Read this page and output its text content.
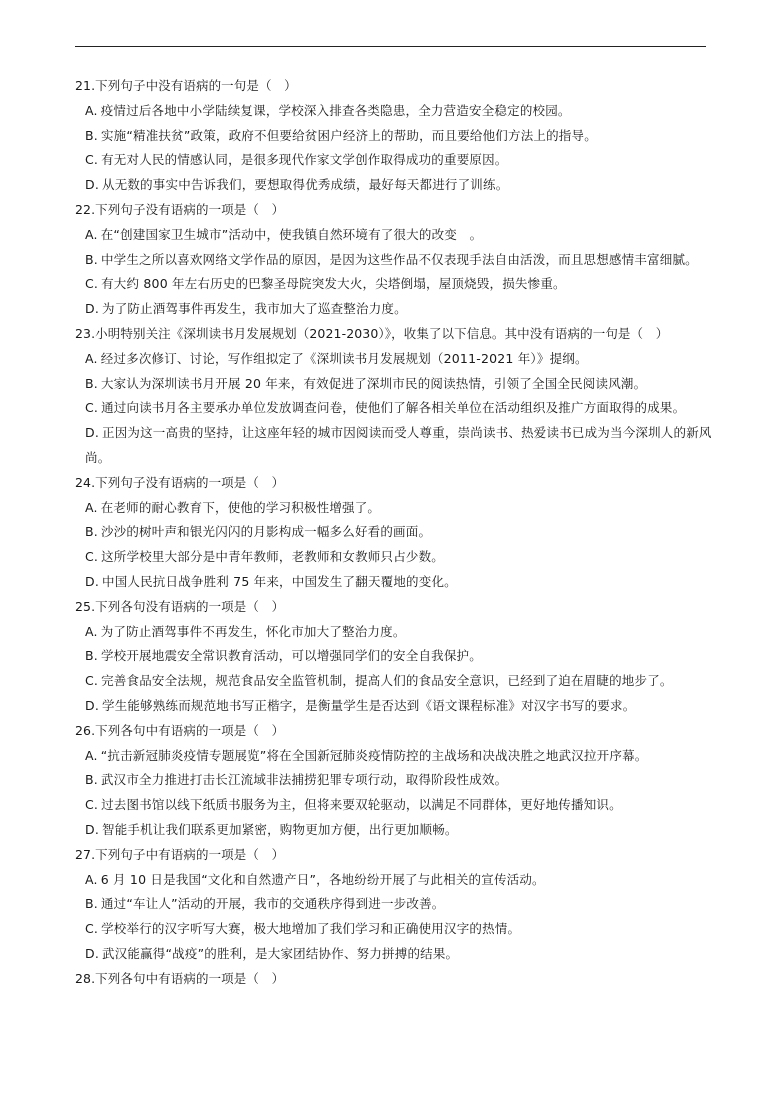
21.下列句子中没有语病的一句是（　）
A. 疫情过后各地中小学陆续复课，学校深入排查各类隐患，全力营造安全稳定的校园。
B. 实施“精准扶贫”政策，政府不但要给贫困户经济上的帮助，而且要给他们方法上的指导。
C. 有无对人民的情感认同，是很多现代作家文学创作取得成功的重要原因。
D. 从无数的事实中告诉我们，要想取得优秀成绩，最好每天都进行了训练。
22.下列句子没有语病的一项是（　）
A. 在“创建国家卫生城市”活动中，使我镇自然环境有了很大的改变　。
B. 中学生之所以喜欢网络文学作品的原因，是因为这些作品不仅表现手法自由活泼，而且思想感情丰富细腻。
C. 有大约 800 年左右历史的巴黎圣母院突发大火，尖塔倒塌，屋顶烧毁，损失惨重。
D. 为了防止酒驾事件再发生，我市加大了巡查整治力度。
23.小明特别关注《深圳读书月发展规划（2021-2030）》，收集了以下信息。其中没有语病的一句是（　）
A. 经过多次修订、讨论，写作组拟定了《深圳读书月发展规划（2011-2021 年）》提纲。
B. 大家认为深圳读书月开展 20 年来，有效促进了深圳市民的阅读热情，引领了全国全民阅读风潮。
C. 通过向读书月各主要承办单位发放调查问卷，使他们了解各相关单位在活动组织及推广方面取得的成果。
D. 正因为这一高贵的坚持，让这座年轻的城市因阅读而受人尊重，崇尚读书、热爱读书已成为当今深圳人的新风尚。
24.下列句子没有语病的一项是（　）
A. 在老师的耐心教育下，使他的学习积极性增强了。
B. 沙沙的树叶声和银光闪闪的月影构成一幅多么好看的画面。
C. 这所学校里大部分是中青年教师，老教师和女教师只占少数。
D. 中国人民抗日战争胜利 75 年来，中国发生了翻天覆地的变化。
25.下列各句没有语病的一项是（　）
A. 为了防止酒驾事件不再发生，怀化市加大了整治力度。
B. 学校开展地震安全常识教育活动，可以增强同学们的安全自我保护。
C. 完善食品安全法规，规范食品安全监管机制，提高人们的食品安全意识，已经到了迫在眉睫的地步了。
D. 学生能够熟练而规范地书写正楷字，是衡量学生是否达到《语文课程标准》对汉字书写的要求。
26.下列各句中有语病的一项是（　）
A. “抗击新冠肺炎疫情专题展览”将在全国新冠肺炎疫情防控的主战场和决战决胜之地武汉拉开序幕。
B. 武汉市全力推进打击长江流域非法捕捞犯罪专项行动，取得阶段性成效。
C. 过去图书馆以线下纸质书服务为主，但将来要双轮驱动，以满足不同群体，更好地传播知识。
D. 智能手机让我们联系更加紧密，购物更加方便，出行更加顺畅。
27.下列句子中有语病的一项是（　）
A. 6 月 10 日是我国“文化和自然遗产日”，各地纷纷开展了与此相关的宣传活动。
B. 通过“车让人”活动的开展，我市的交通秩序得到进一步改善。
C. 学校举行的汉字听写大赛，极大地增加了我们学习和正确使用汉字的热情。
D. 武汉能赢得“战疫”的胜利，是大家团结协作、努力拼搏的结果。
28.下列各句中有语病的一项是（　）
